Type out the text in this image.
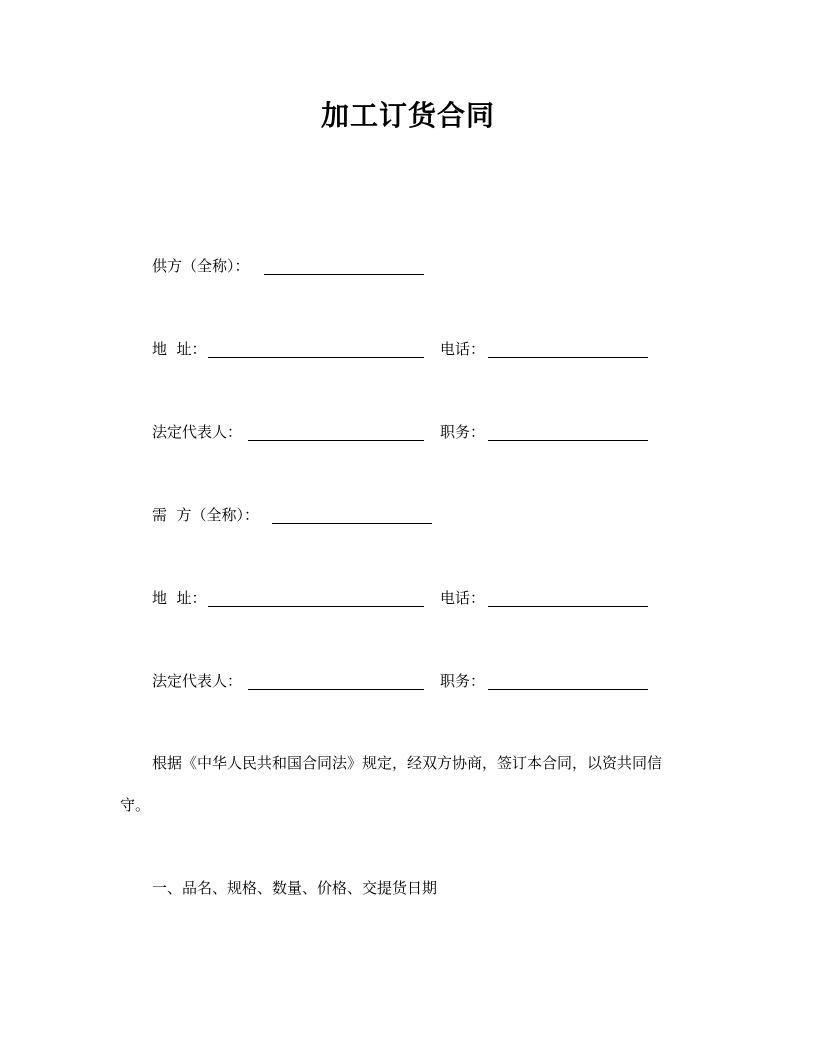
加工订货合同
供方（全称）：
地  址：	电话：
法定代表人：	职务：
需  方（全称）：
地  址：	电话：
法定代表人：	职务：
根据《中华人民共和国合同法》规定，经双方协商，签订本合同，以资共同信
守。
一、品名、规格、数量、价格、交提货日期
